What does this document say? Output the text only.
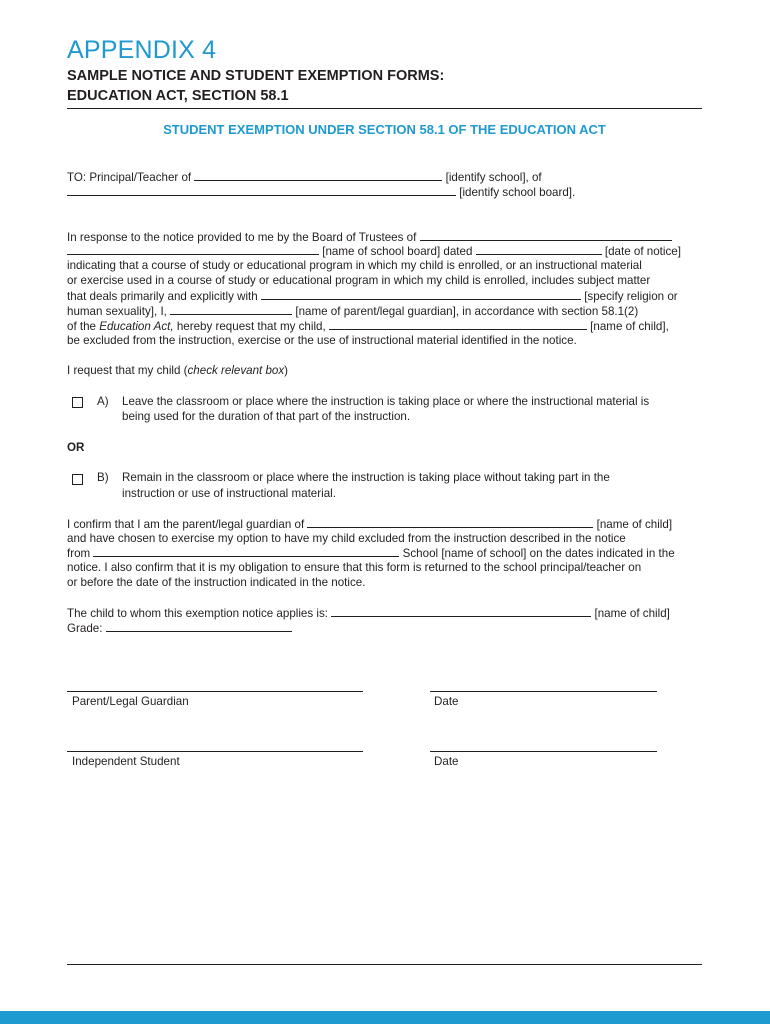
APPENDIX 4
SAMPLE NOTICE AND STUDENT EXEMPTION FORMS:
EDUCATION ACT, SECTION 58.1
STUDENT EXEMPTION UNDER SECTION 58.1 OF THE EDUCATION ACT
TO: Principal/Teacher of	[identify school], of
[identify school board].
In response to the notice provided to me by the Board of Trustees of
[name of school board] dated	[date of notice]
indicating that a course of study or educational program in which my child is enrolled, or an instructional material
or exercise used in a course of study or educational program in which my child is enrolled, includes subject matter
that deals primarily and explicitly with	[specify religion or
human sexuality], I,	[name of parent/legal guardian], in accordance with section 58.1(2)
of the Education Act, hereby request that my child,	[name of child],
be excluded from the instruction, exercise or the use of instructional material identified in the notice.
I request that my child (check relevant box)
A) Leave the classroom or place where the instruction is taking place or where the instructional material is
being used for the duration of that part of the instruction.
OR
B) Remain in the classroom or place where the instruction is taking place without taking part in the
instruction or use of instructional material.
I confirm that I am the parent/legal guardian of	[name of child]
and have chosen to exercise my option to have my child excluded from the instruction described in the notice
from	School [name of school] on the dates indicated in the
notice. I also confirm that it is my obligation to ensure that this form is returned to the school principal/teacher on
or before the date of the instruction indicated in the notice.
The child to whom this exemption notice applies is:	[name of child]
Grade:
Parent/Legal Guardian	Date
Independent Student	Date
